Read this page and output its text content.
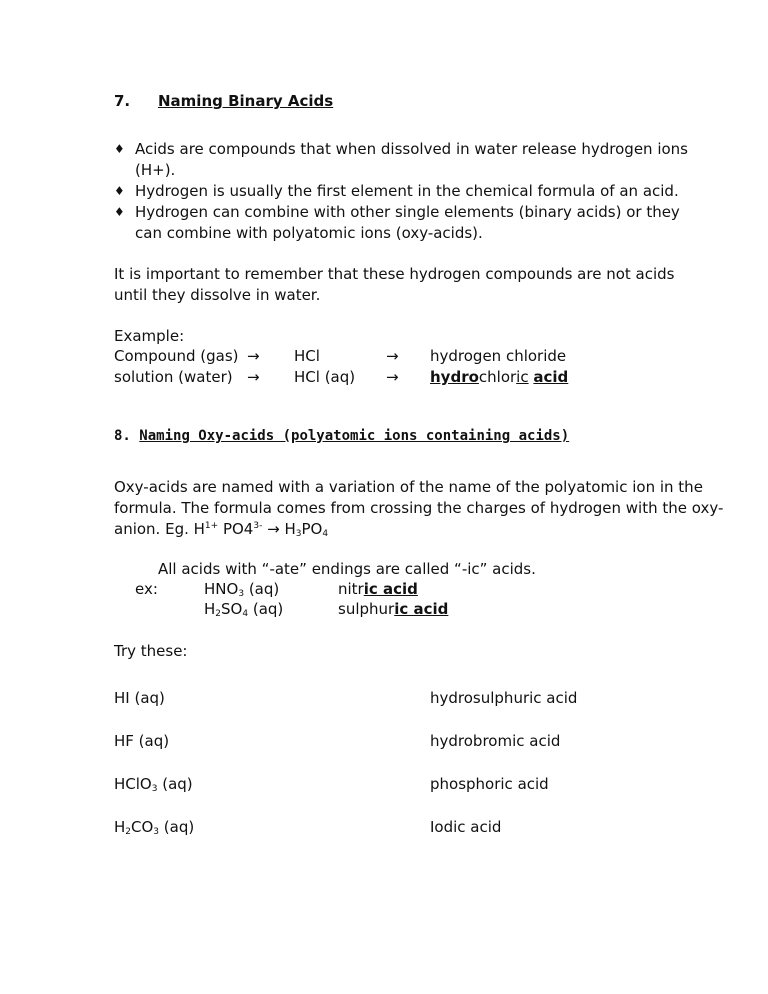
7. Naming Binary Acids
♦ Acids are compounds that when dissolved in water release hydrogen ions
(H+).
♦ Hydrogen is usually the first element in the chemical formula of an acid.
♦ Hydrogen can combine with other single elements (binary acids) or they
can combine with polyatomic ions (oxy-acids).
It is important to remember that these hydrogen compounds are not acids
until they dissolve in water.
Example:
Compound (gas) → HCl	→ hydrogen chloride
solution (water) → HCl (aq) → hydrochloric acid
8. Naming Oxy-acids (polyatomic ions containing acids)
Oxy-acids are named with a variation of the name of the polyatomic ion in the
formula. The formula comes from crossing the charges of hydrogen with the oxy-
anion. Eg. $H^{1+}$ $PO4^{3-} \to H_3PO_4$
All acids with “-ate” endings are called “-ic” acids.
ex:	$HNO_3$ (aq)	nitric acid
$H_2SO_4$ (aq)	sulphuric acid
Try these:
HI (aq)	hydrosulphuric acid
HF (aq)	hydrobromic acid
HClO$_3$ (aq)	phosphoric acid
$H_2CO_3$ (aq)	Iodic acid
